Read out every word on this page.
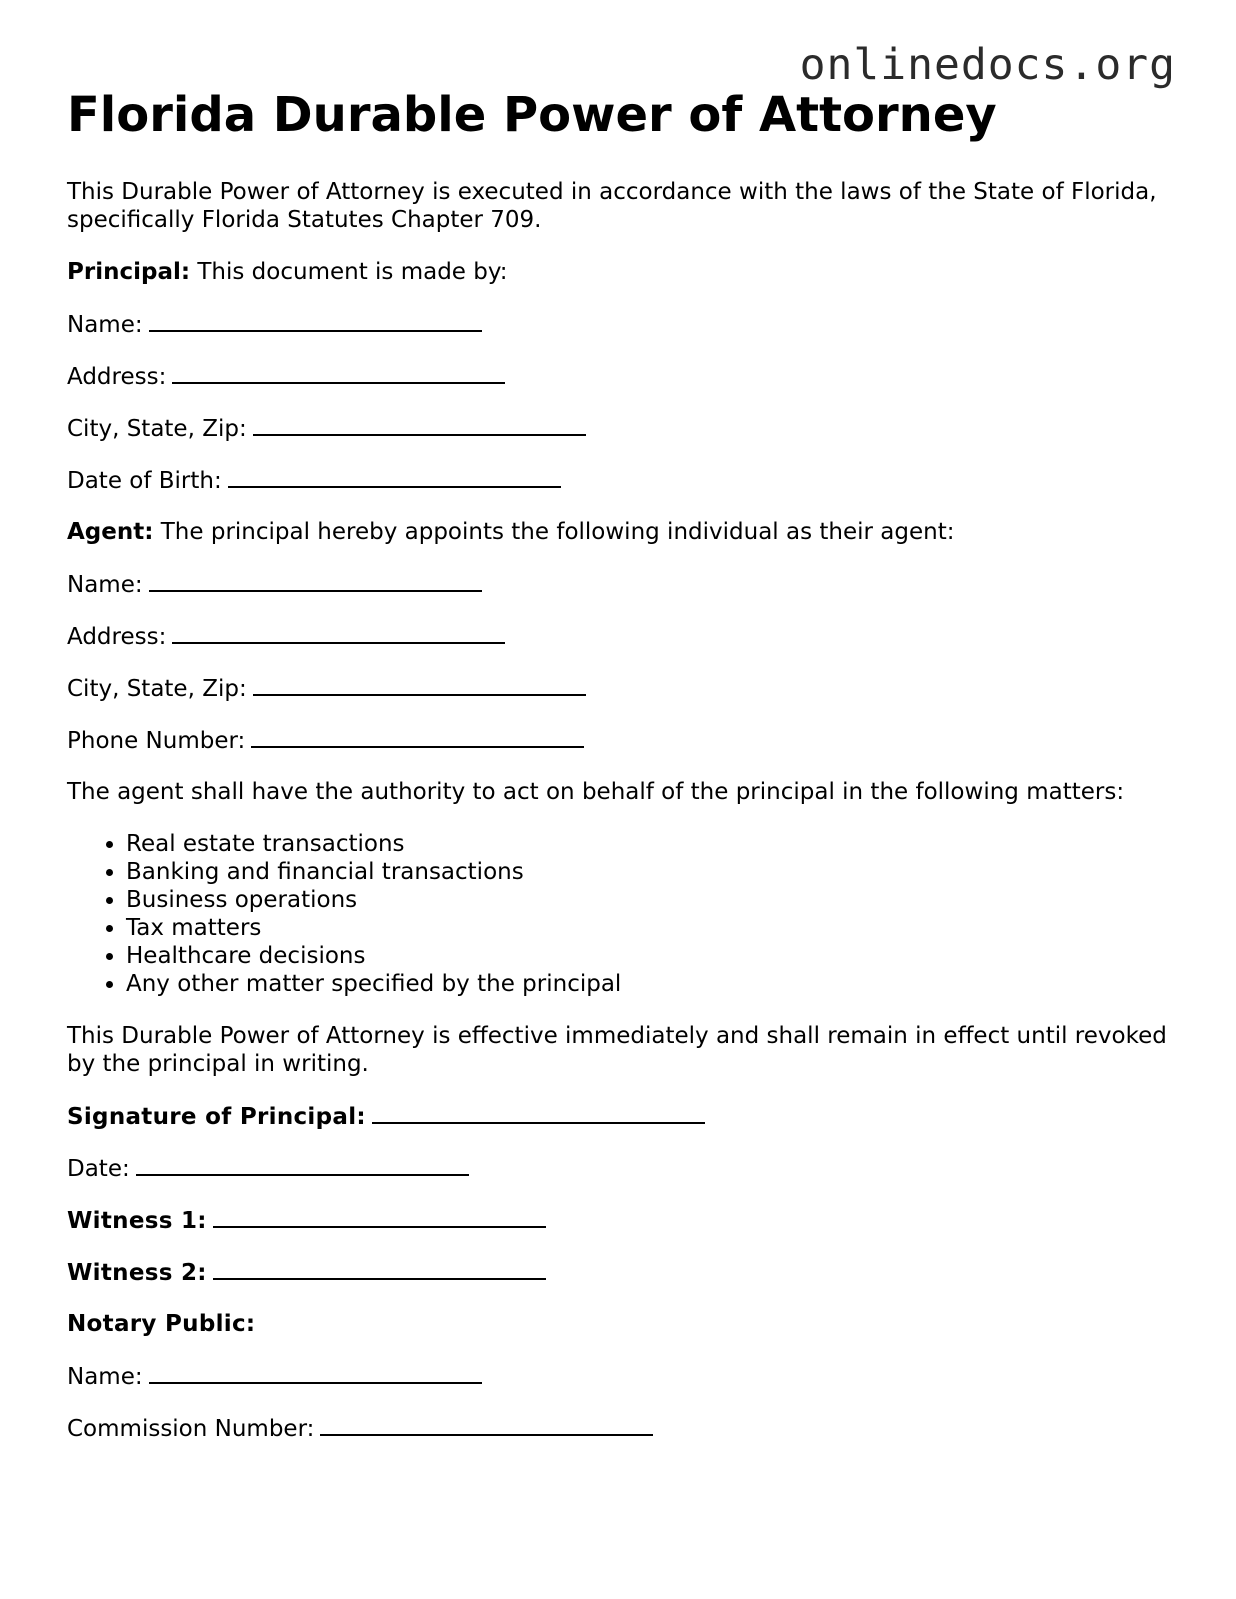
onlinedocs.org
Florida Durable Power of Attorney

This Durable Power of Attorney is executed in accordance with the laws of the State of Florida, specifically Florida Statutes Chapter 709.

Principal: This document is made by:

Name:
Address:
City, State, Zip:
Date of Birth:

Agent: The principal hereby appoints the following individual as their agent:

Name:
Address:
City, State, Zip:
Phone Number:

The agent shall have the authority to act on behalf of the principal in the following matters:

• Real estate transactions
• Banking and financial transactions
• Business operations
• Tax matters
• Healthcare decisions
• Any other matter specified by the principal

This Durable Power of Attorney is effective immediately and shall remain in effect until revoked by the principal in writing.

Signature of Principal:
Date:
Witness 1:
Witness 2:
Notary Public:
Name:
Commission Number:
